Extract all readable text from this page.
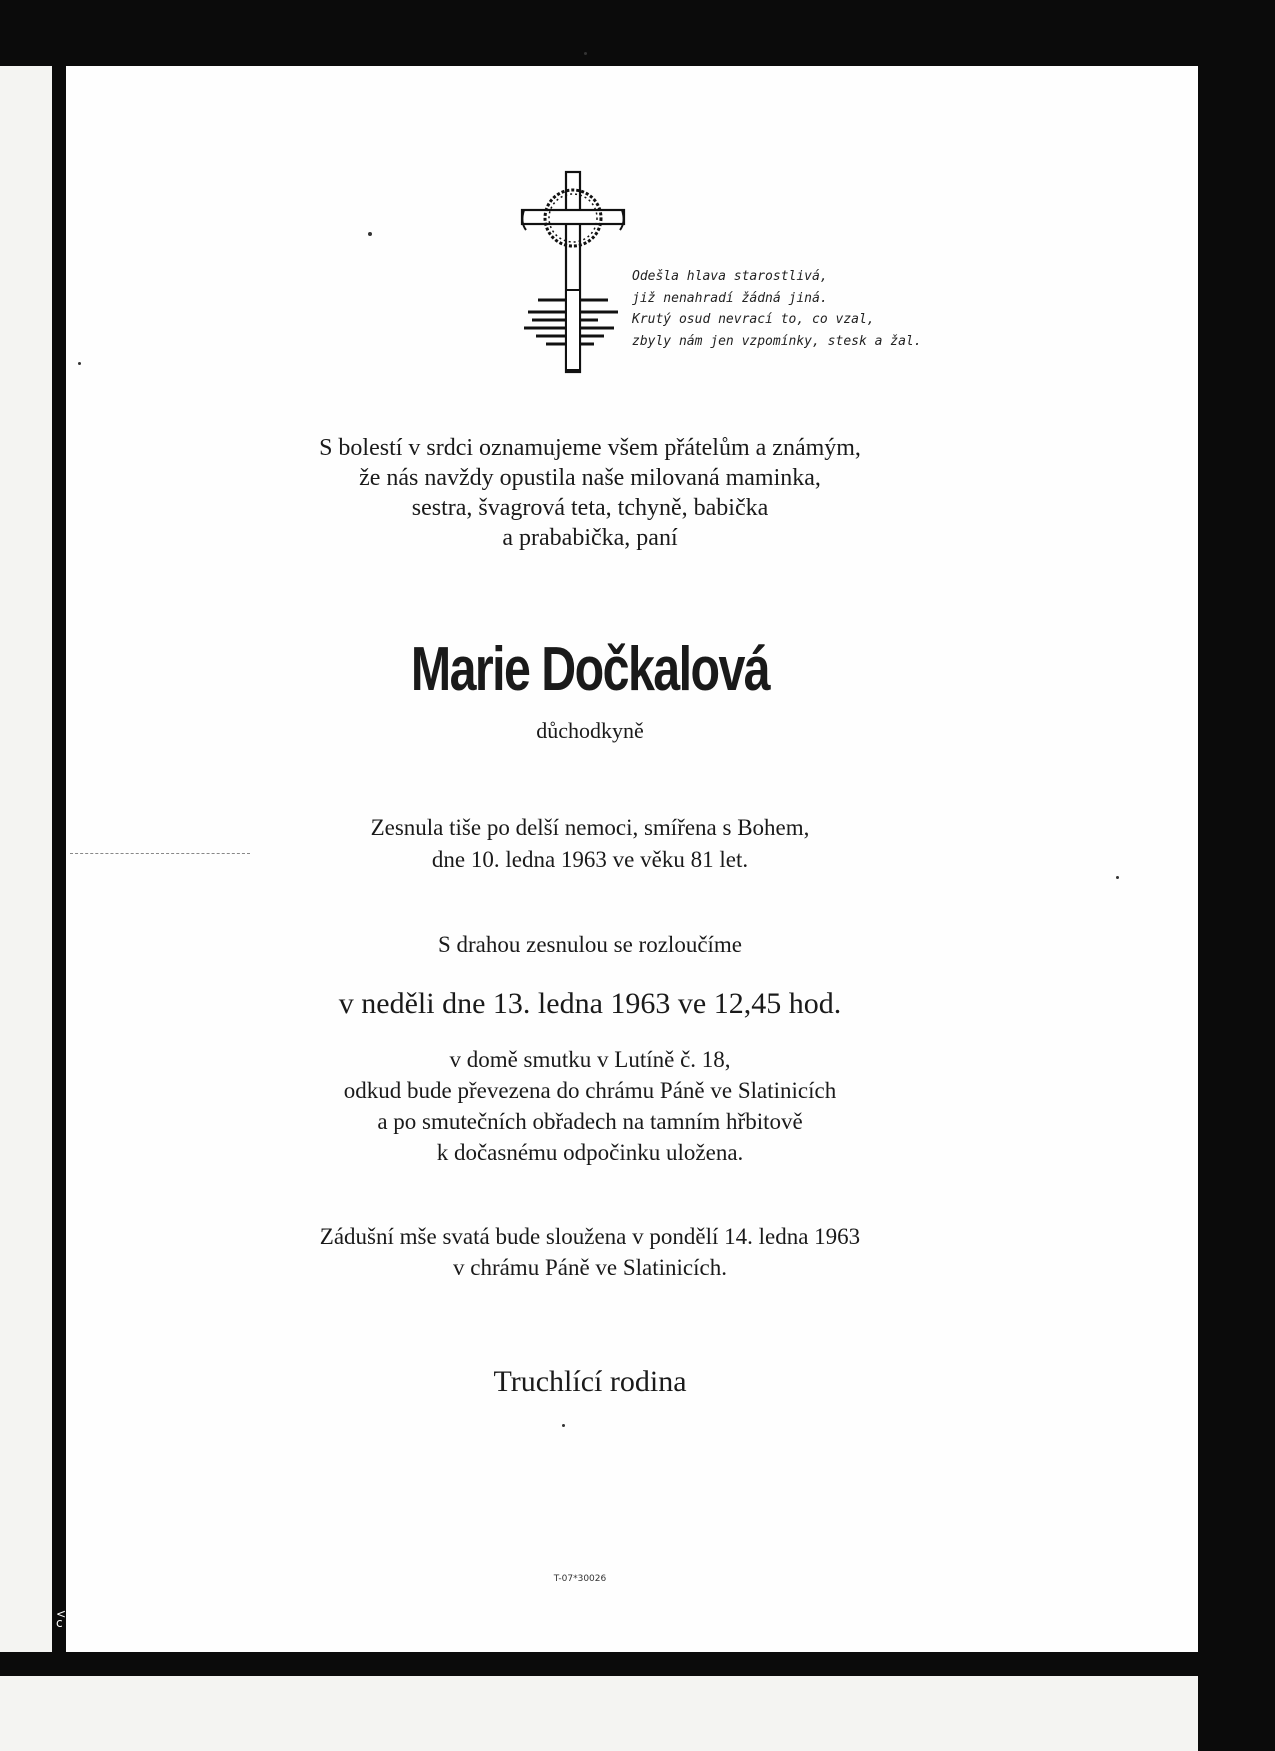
Odešla hlava starostlivá,
již nenahradí žádná jiná.
Krutý osud nevrací to, co vzal,
zbyly nám jen vzpomínky, stesk a žal.
S bolestí v srdci oznamujeme všem přátelům a známým,
že nás navždy opustila naše milovaná maminka,
sestra, švagrová teta, tchyně, babička
a prababička, paní
Marie Dočkalová
důchodkyně
Zesnula tiše po delší nemoci, smířena s Bohem,
dne 10. ledna 1963 ve věku 81 let.
S drahou zesnulou se rozloučíme
v neděli dne 13. ledna 1963 ve 12,45 hod.
v domě smutku v Lutíně č. 18,
odkud bude převezena do chrámu Páně ve Slatinicích
a po smutečních obřadech na tamním hřbitově
k dočasnému odpočinku uložena.
Zádušní mše svatá bude sloužena v pondělí 14. ledna 1963
v chrámu Páně ve Slatinicích.
Truchlící rodina
T-07*30026
< c
